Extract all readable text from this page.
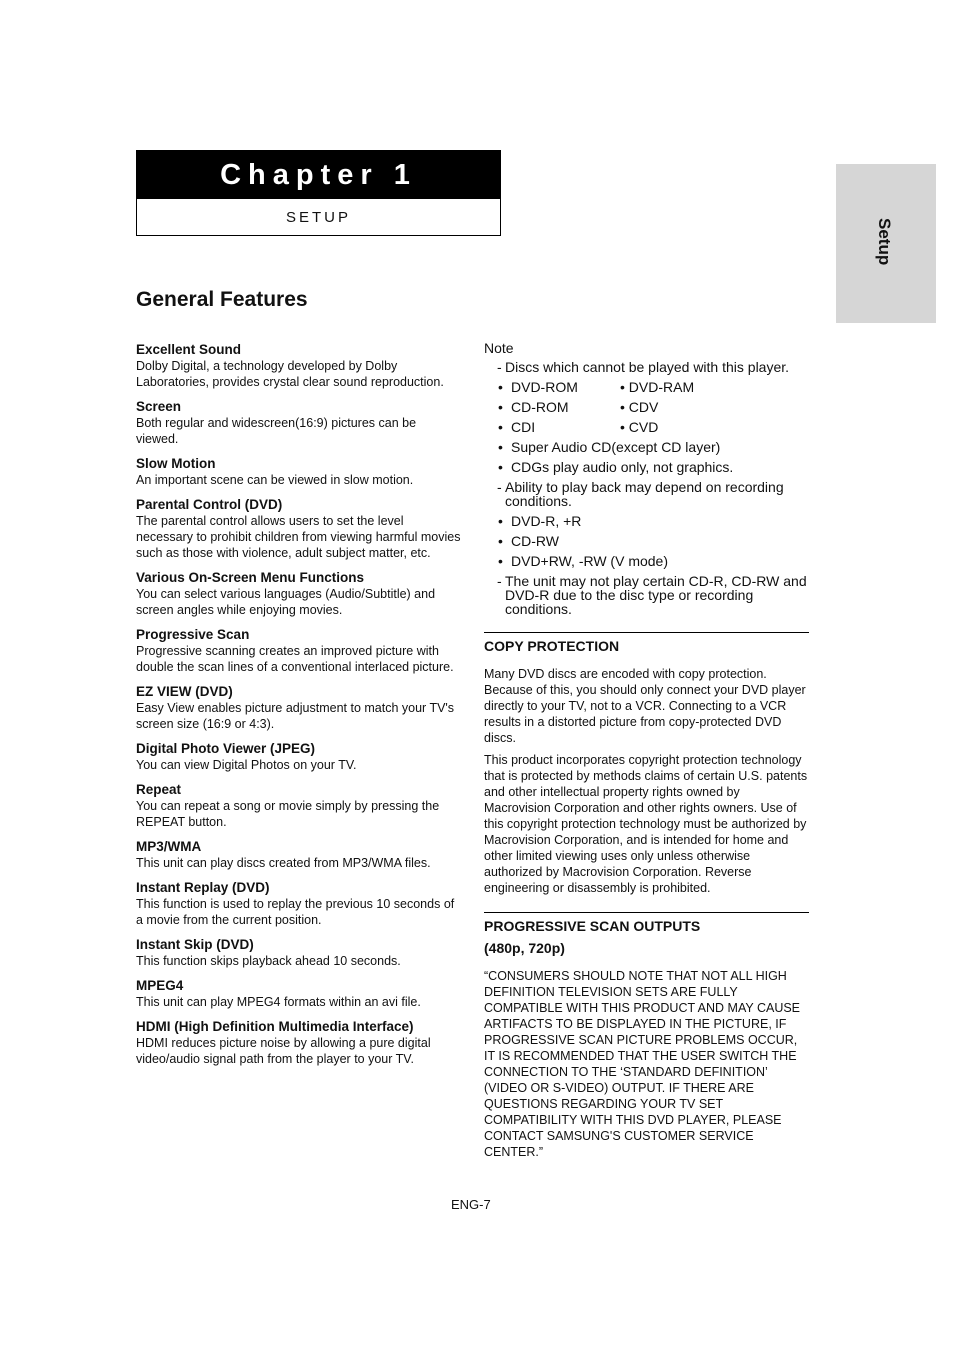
Chapter 1
SETUP
Setup
General Features
Excellent Sound
Dolby Digital, a technology developed by Dolby Laboratories, provides crystal clear sound reproduction.
Screen
Both regular and widescreen(16:9) pictures can be viewed.
Slow Motion
An important scene can be viewed in slow motion.
Parental Control (DVD)
The parental control allows users to set the level necessary to prohibit children from viewing harmful movies such as those with violence, adult subject matter, etc.
Various On-Screen Menu Functions
You can select various languages (Audio/Subtitle) and screen angles while enjoying movies.
Progressive Scan
Progressive scanning creates an improved picture with double the scan lines of a conventional interlaced picture.
EZ VIEW (DVD)
Easy View enables picture adjustment to match your TV's screen size (16:9 or 4:3).
Digital Photo Viewer (JPEG)
You can view Digital Photos on your TV.
Repeat
You can repeat a song or movie simply by pressing the REPEAT button.
MP3/WMA
This unit can play discs created from MP3/WMA files.
Instant Replay (DVD)
This function is used to replay the previous 10 seconds of a movie from the current position.
Instant Skip (DVD)
This function skips playback ahead 10 seconds.
MPEG4
This unit can play MPEG4 formats within an avi file.
HDMI (High Definition Multimedia Interface)
HDMI reduces picture noise by allowing a pure digital video/audio signal path from the player to your TV.
Note
- Discs which cannot be played with this player.
• DVD-ROM	• DVD-RAM
• CD-ROM	• CDV
• CDI	• CVD
• Super Audio CD(except CD layer)
• CDGs play audio only, not graphics.
- Ability to play back may depend on recording conditions.
• DVD-R, +R
• CD-RW
• DVD+RW, -RW (V mode)
- The unit may not play certain CD-R, CD-RW and DVD-R due to the disc type or recording conditions.
COPY PROTECTION
Many DVD discs are encoded with copy protection. Because of this, you should only connect your DVD player directly to your TV, not to a VCR. Connecting to a VCR results in a distorted picture from copy-protected DVD discs.
This product incorporates copyright protection technology that is protected by methods claims of certain U.S. patents and other intellectual property rights owned by Macrovision Corporation and other rights owners. Use of this copyright protection technology must be authorized by Macrovision Corporation, and is intended for home and other limited viewing uses only unless otherwise authorized by Macrovision Corporation. Reverse engineering or disassembly is prohibited.
PROGRESSIVE SCAN OUTPUTS
(480p, 720p)
“CONSUMERS SHOULD NOTE THAT NOT ALL HIGH DEFINITION TELEVISION SETS ARE FULLY COMPATIBLE WITH THIS PRODUCT AND MAY CAUSE ARTIFACTS TO BE DISPLAYED IN THE PICTURE, IF PROGRESSIVE SCAN PICTURE PROBLEMS OCCUR, IT IS RECOMMENDED THAT THE USER SWITCH THE CONNECTION TO THE ‘STANDARD DEFINITION’ (VIDEO OR S-VIDEO) OUTPUT. IF THERE ARE QUESTIONS REGARDING YOUR TV SET COMPATIBILITY WITH THIS DVD PLAYER, PLEASE CONTACT SAMSUNG'S CUSTOMER SERVICE CENTER.”
ENG-7
